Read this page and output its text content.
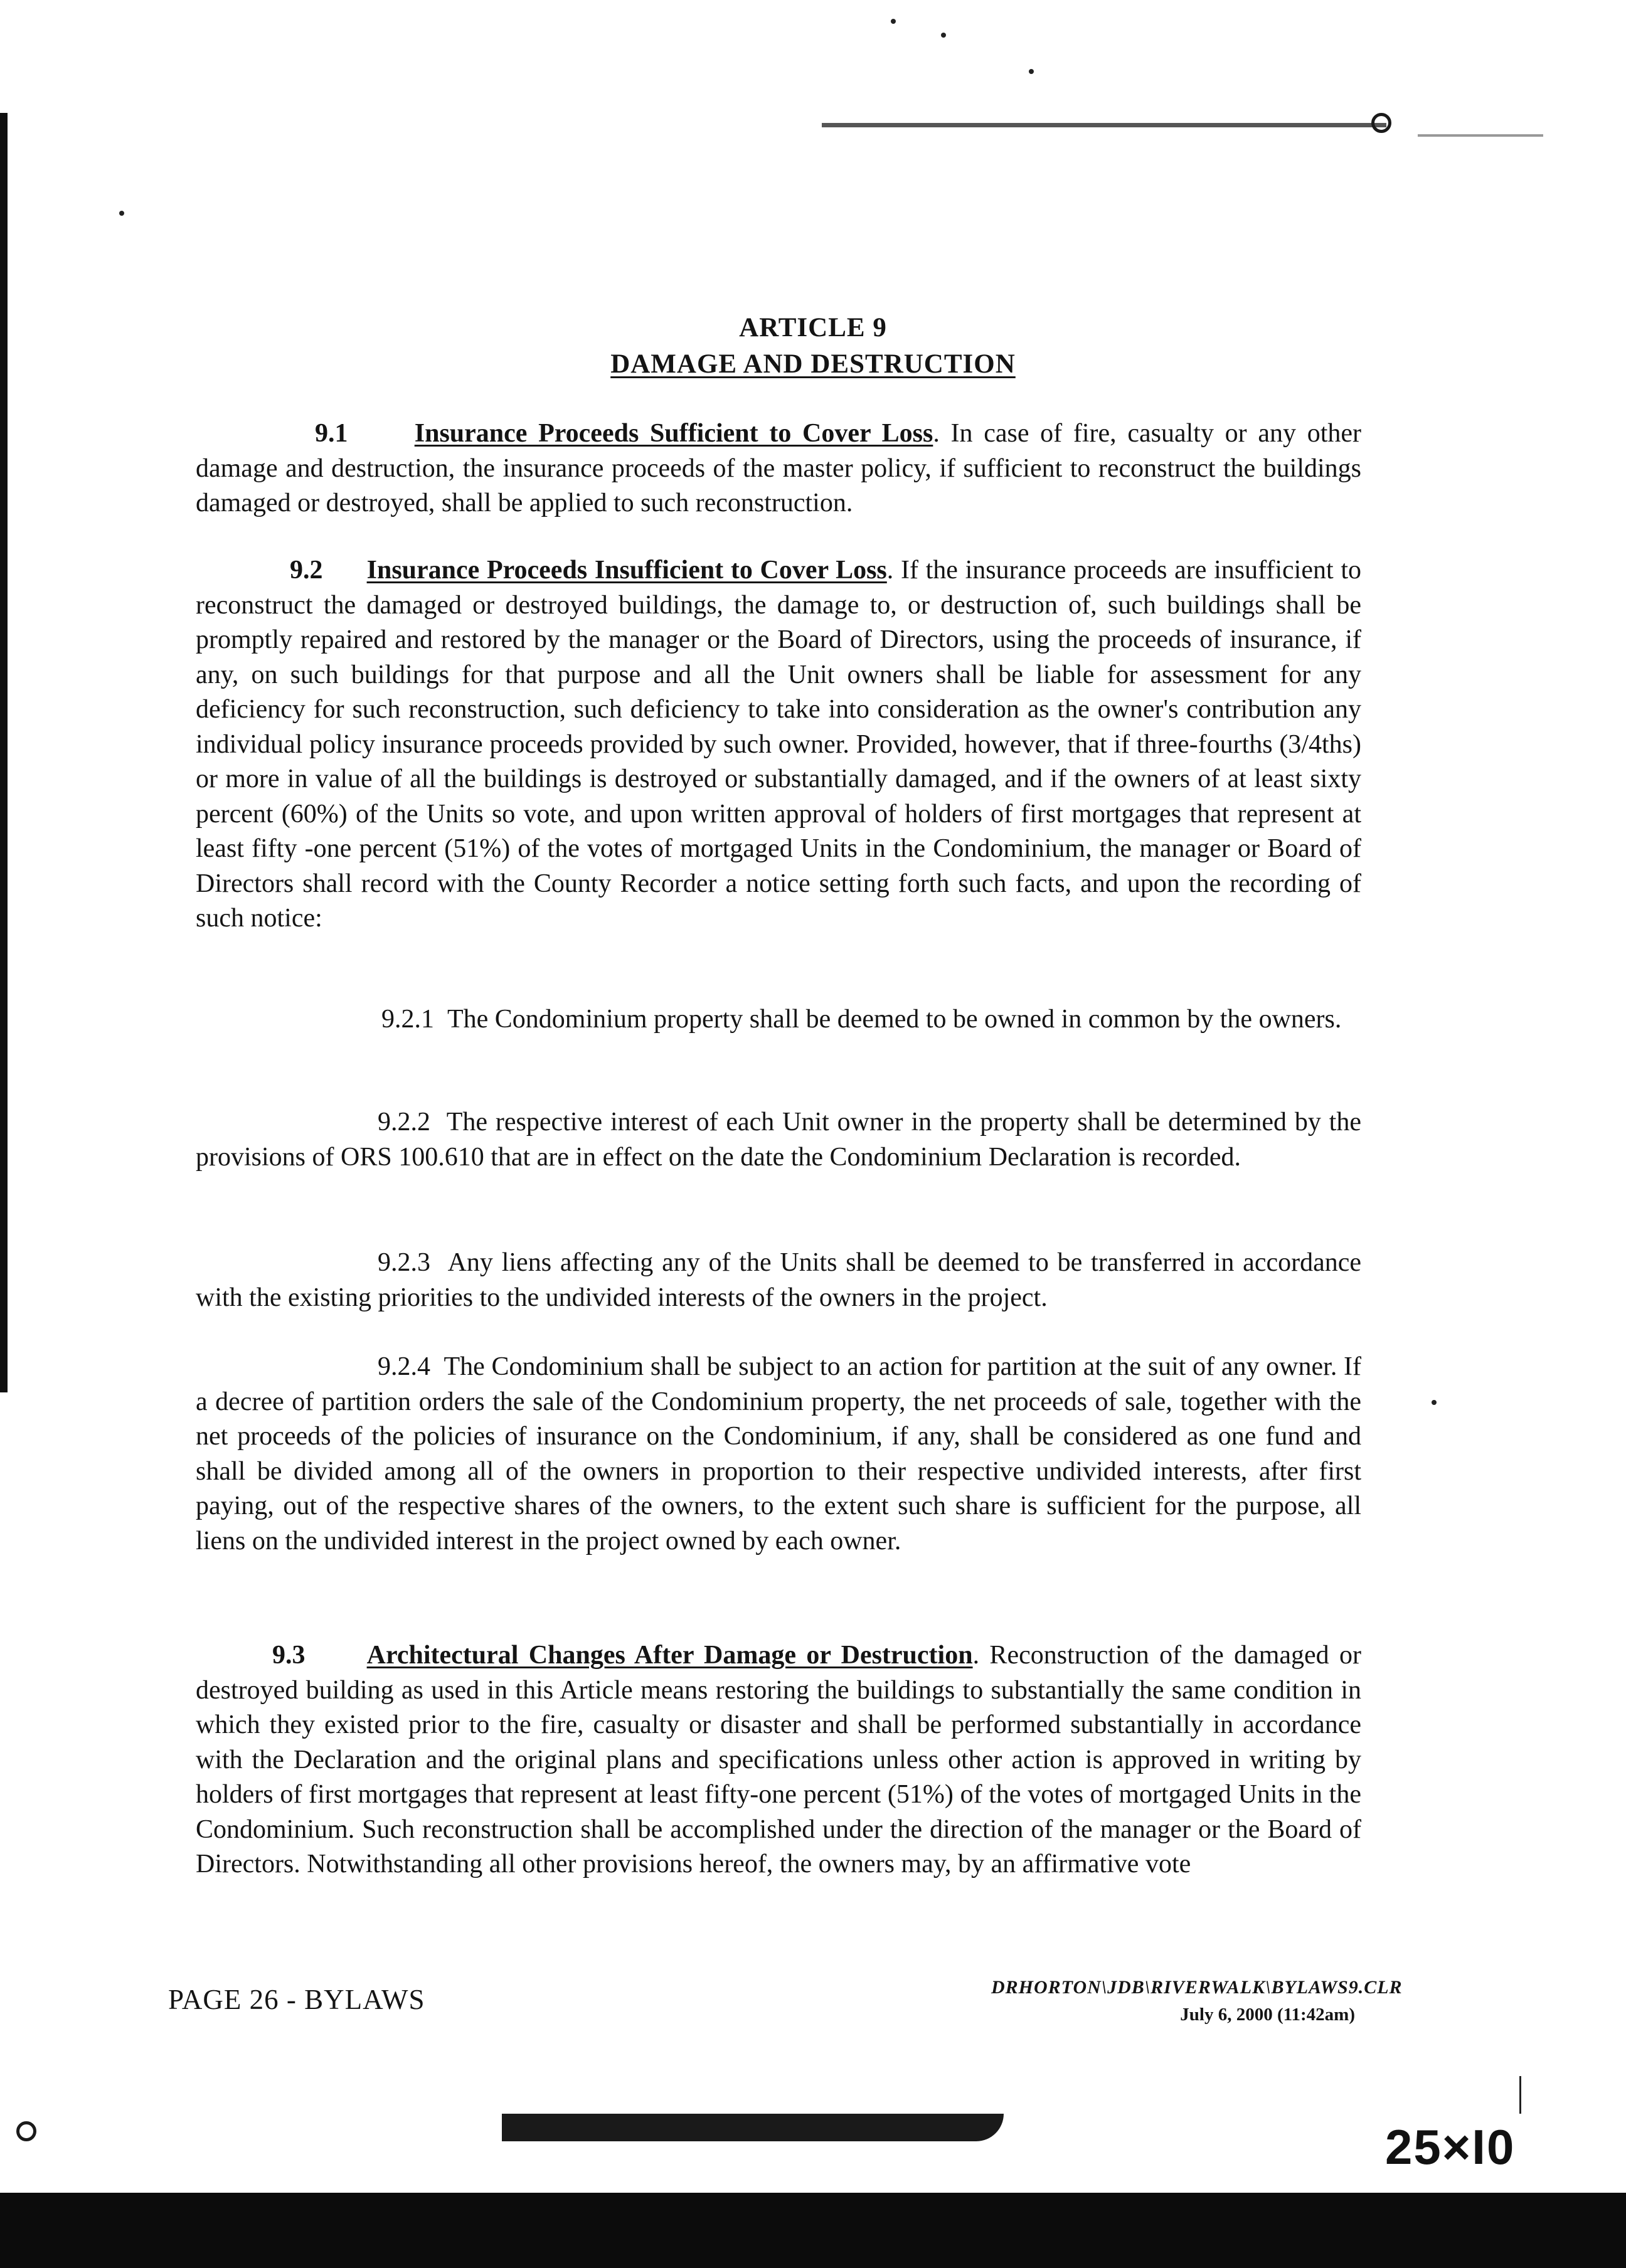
ARTICLE 9
DAMAGE AND DESTRUCTION
9.1	Insurance Proceeds Sufficient to Cover Loss. In case of fire, casualty or any other damage and destruction, the insurance proceeds of the master policy, if sufficient to reconstruct the buildings damaged or destroyed, shall be applied to such reconstruction.
9.2 Insurance Proceeds Insufficient to Cover Loss. If the insurance proceeds are insufficient to reconstruct the damaged or destroyed buildings, the damage to, or destruction of, such buildings shall be promptly repaired and restored by the manager or the Board of Directors, using the proceeds of insurance, if any, on such buildings for that purpose and all the Unit owners shall be liable for assessment for any deficiency for such reconstruction, such deficiency to take into consideration as the owner's contribution any individual policy insurance proceeds provided by such owner. Provided, however, that if three-fourths (3/4ths) or more in value of all the buildings is destroyed or substantially damaged, and if the owners of at least sixty percent (60%) of the Units so vote, and upon written approval of holders of first mortgages that represent at least fifty -one percent (51%) of the votes of mortgaged Units in the Condominium, the manager or Board of Directors shall record with the County Recorder a notice setting forth such facts, and upon the recording of such notice:
9.2.1 The Condominium property shall be deemed to be owned in common by the owners.
9.2.2 The respective interest of each Unit owner in the property shall be determined by the provisions of ORS 100.610 that are in effect on the date the Condominium Declaration is recorded.
9.2.3 Any liens affecting any of the Units shall be deemed to be transferred in accordance with the existing priorities to the undivided interests of the owners in the project.
9.2.4 The Condominium shall be subject to an action for partition at the suit of any owner. If a decree of partition orders the sale of the Condominium property, the net proceeds of sale, together with the net proceeds of the policies of insurance on the Condominium, if any, shall be considered as one fund and shall be divided among all of the owners in proportion to their respective undivided interests, after first paying, out of the respective shares of the owners, to the extent such share is sufficient for the purpose, all liens on the undivided interest in the project owned by each owner.
9.3 Architectural Changes After Damage or Destruction. Reconstruction of the damaged or destroyed building as used in this Article means restoring the buildings to substantially the same condition in which they existed prior to the fire, casualty or disaster and shall be performed substantially in accordance with the Declaration and the original plans and specifications unless other action is approved in writing by holders of first mortgages that represent at least fifty-one percent (51%) of the votes of mortgaged Units in the Condominium. Such reconstruction shall be accomplished under the direction of the manager or the Board of Directors. Notwithstanding all other provisions hereof, the owners may, by an affirmative vote
PAGE 26 - BYLAWS	DRHORTON\JDB\RIVERWALK\BYLAWS9.CLR
July 6, 2000 (11:42am)
25×I0
